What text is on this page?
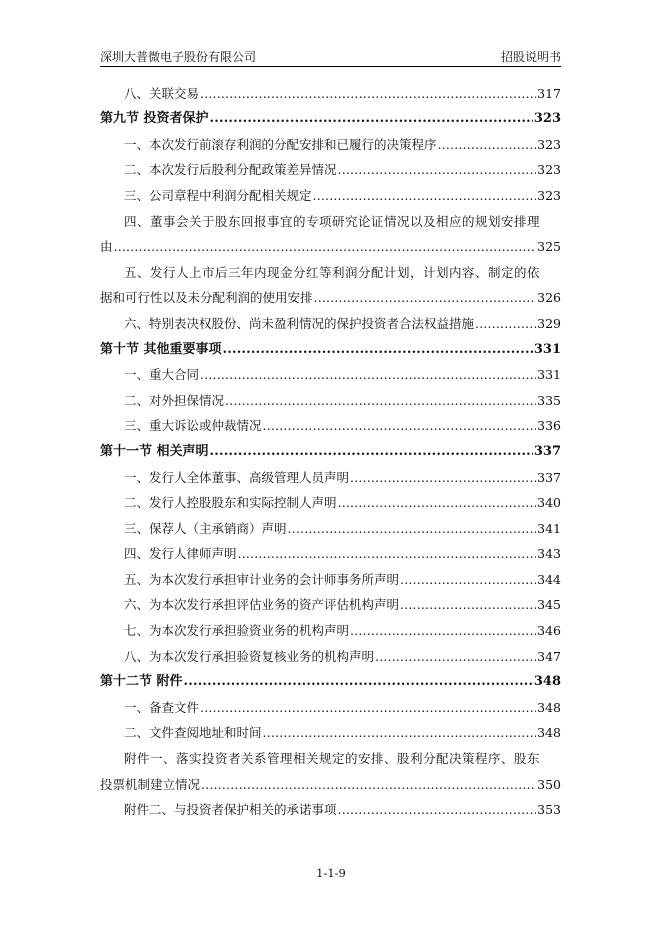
深圳大普微电子股份有限公司	招股说明书
八、关联交易 .....	317
第九节 投资者保护 .....	323
一、本次发行前滚存利润的分配安排和已履行的决策程序 .....	323
二、本次发行后股利分配政策差异情况 .....	323
三、公司章程中利润分配相关规定 .....	323
四、董事会关于股东回报事宜的专项研究论证情况以及相应的规划安排理
由 .....	325
五、发行人上市后三年内现金分红等利润分配计划，计划内容、制定的依
据和可行性以及未分配利润的使用安排 .....	326
六、特别表决权股份、尚未盈利情况的保护投资者合法权益措施 .....	329
第十节 其他重要事项 .....	331
一、重大合同 .....	331
二、对外担保情况 .....	335
三、重大诉讼或仲裁情况 .....	336
第十一节 相关声明 .....	337
一、发行人全体董事、高级管理人员声明 .....	337
二、发行人控股股东和实际控制人声明 .....	340
三、保荐人（主承销商）声明 .....	341
四、发行人律师声明 .....	343
五、为本次发行承担审计业务的会计师事务所声明 .....	344
六、为本次发行承担评估业务的资产评估机构声明 .....	345
七、为本次发行承担验资业务的机构声明 .....	346
八、为本次发行承担验资复核业务的机构声明 .....	347
第十二节 附件 .....	348
一、备查文件 .....	348
二、文件查阅地址和时间 .....	348
附件一、落实投资者关系管理相关规定的安排、股利分配决策程序、股东
投票机制建立情况 .....	350
附件二、与投资者保护相关的承诺事项 .....	353
1-1-9
